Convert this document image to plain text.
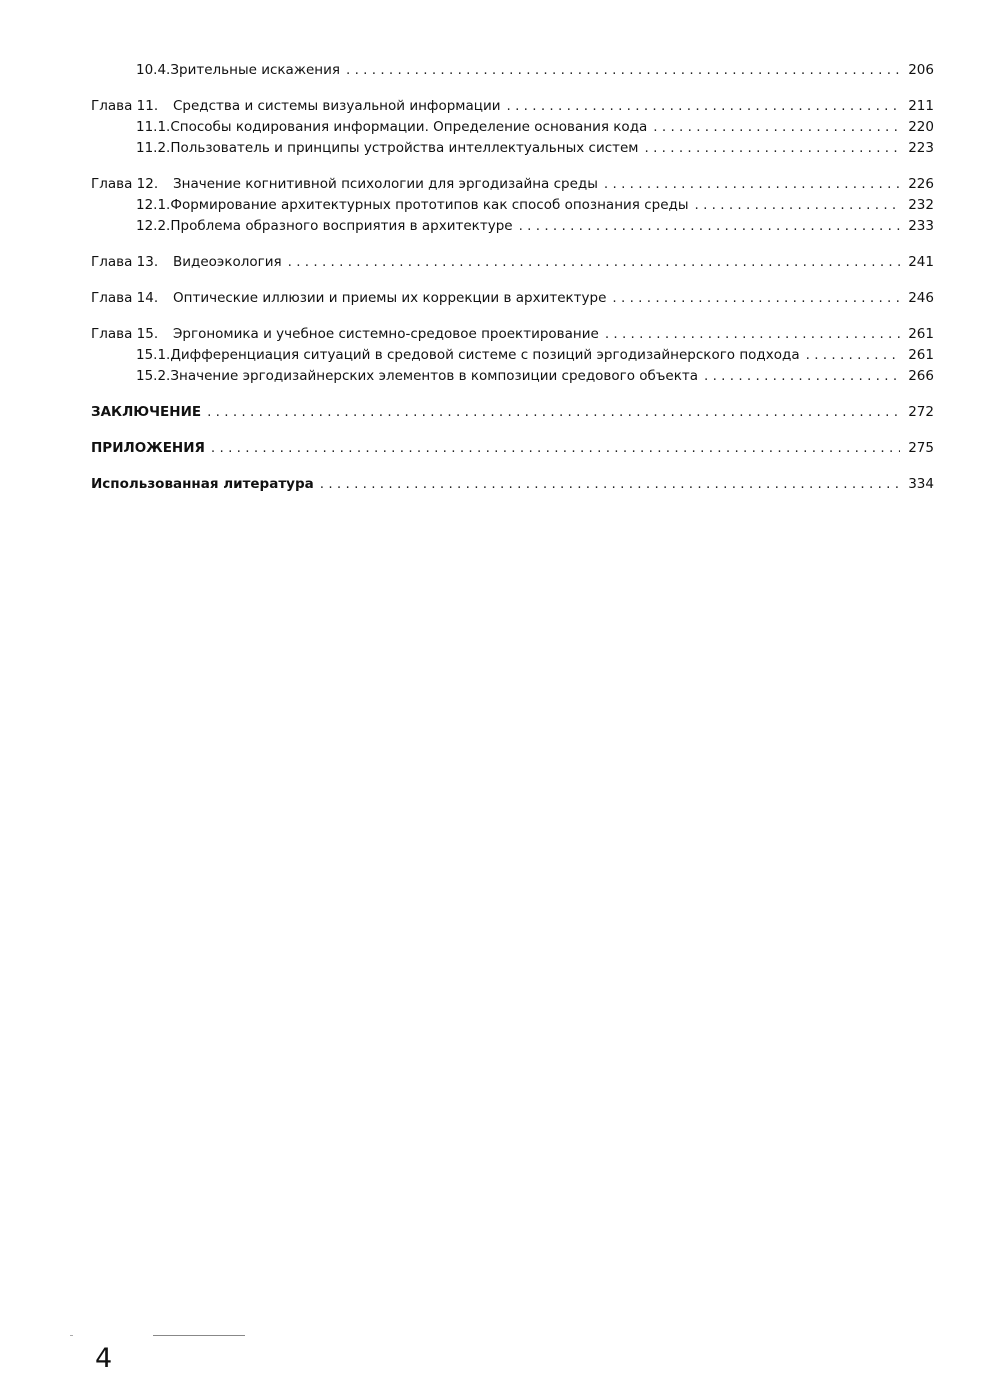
10.4. Зрительные искажения . . .	206
Глава 11.	Средства и системы визуальной информации . . .	211
11.1. Способы кодирования информации. Определение основания кода . . .	220
11.2. Пользователь и принципы устройства интеллектуальных систем . . .	223
Глава 12.	Значение когнитивной психологии для эргодизайна среды . . .	226
12.1. Формирование архитектурных прототипов как способ опознания среды . . .	232
12.2. Проблема образного восприятия в архитектуре . . .	233
Глава 13.	Видеоэкология . . .	241
Глава 14.	Оптические иллюзии и приемы их коррекции в архитектуре . . .	246
Глава 15.	Эргономика и учебное системно-средовое проектирование . . .	261
15.1. Дифференциация ситуаций в средовой системе с позиций эргодизайнерского подхода . . .	261
15.2. Значение эргодизайнерских элементов в композиции средового объекта . . .	266
ЗАКЛЮЧЕНИЕ . . .	272
ПРИЛОЖЕНИЯ . . .	275
Использованная литература . . .	334
4
